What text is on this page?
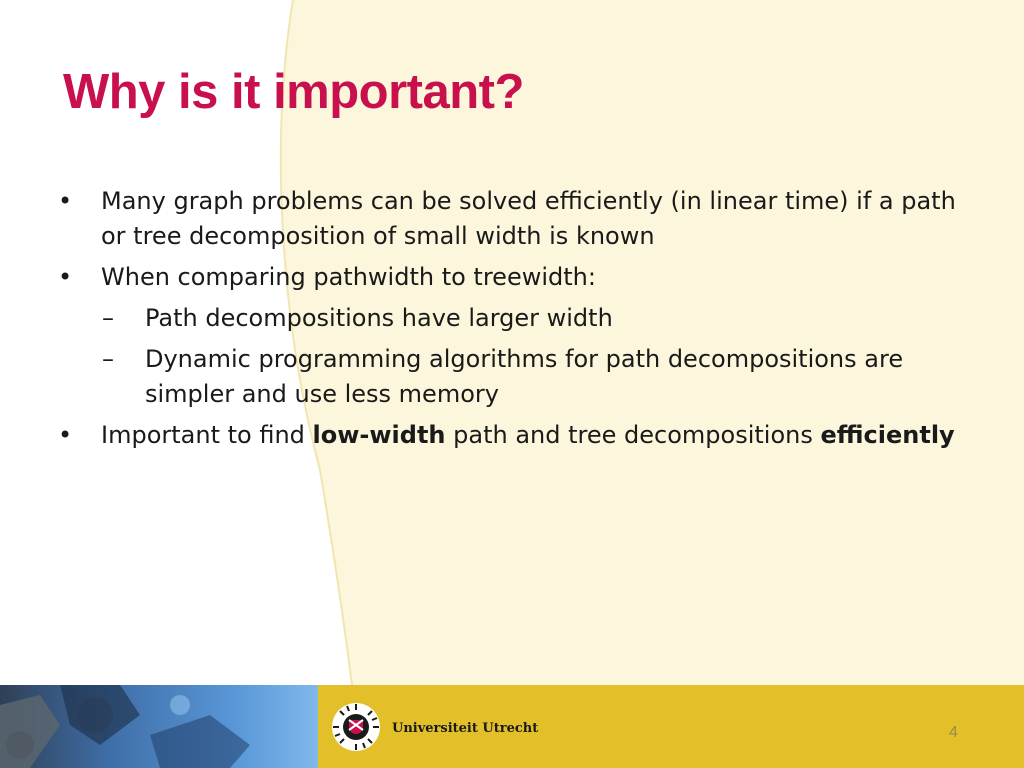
Why is it important?
•	Many graph problems can be solved efficiently (in linear time) if a path or tree decomposition of small width is known
•	When comparing pathwidth to treewidth:
–	Path decompositions have larger width
–	Dynamic programming algorithms for path decompositions are simpler and use less memory
•	Important to find low-width path and tree decompositions efficiently
Universiteit Utrecht	4
